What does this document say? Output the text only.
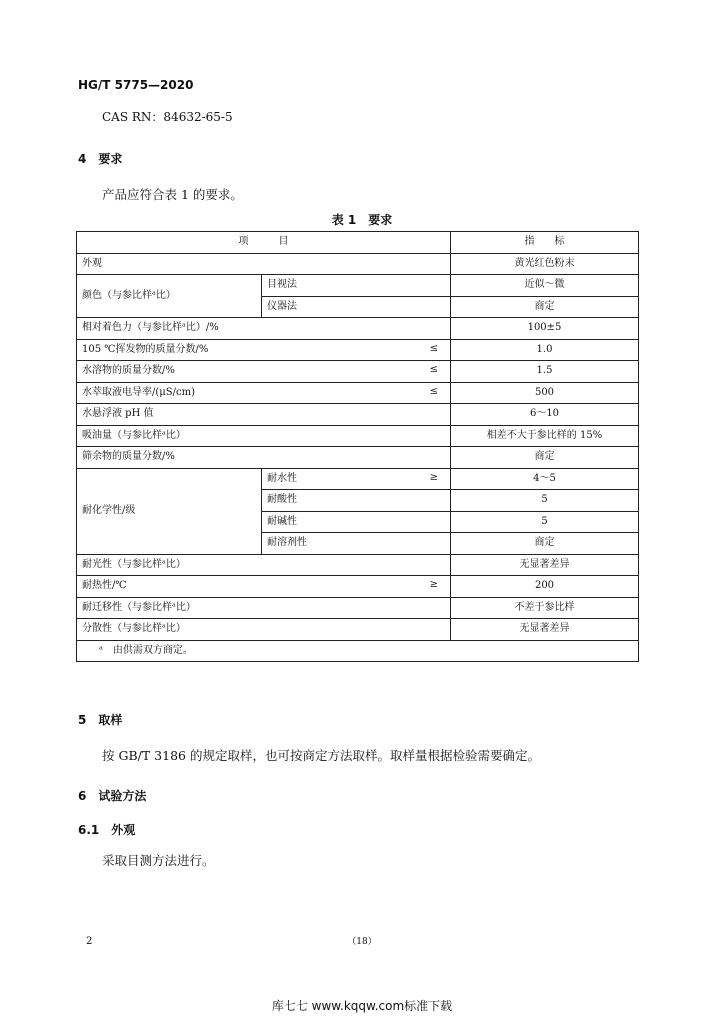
HG/T 5775—2020
CAS RN：84632-65-5
4　要求
产品应符合表 1 的要求。
表 1　要求
项　　　目		指　　标
外观		黄光红色粉末
颜色（与参比样ᵃ比）	目视法	近似～微
	仪器法	商定
相对着色力（与参比样ᵃ比）/%		100±5
105 ℃挥发物的质量分数/% ≤		1.0
水溶物的质量分数/% ≤		1.5
水萃取液电导率/(μS/cm) ≤		500
水悬浮液 pH 值		6～10
吸油量（与参比样ᵃ比）		相差不大于参比样的 15%
筛余物的质量分数/%		商定
耐化学性/级	耐水性 ≥	4～5
	耐酸性	5
	耐碱性	5
	耐溶剂性	商定
耐光性（与参比样ᵃ比）		无显著差异
耐热性/℃ ≥		200
耐迁移性（与参比样ᵃ比）		不差于参比样
分散性（与参比样ᵃ比）		无显著差异
ᵃ　由供需双方商定。		
5　取样
按 GB/T 3186 的规定取样，也可按商定方法取样。取样量根据检验需要确定。
6　试验方法
6.1　外观
采取目测方法进行。
2	（18）
库七七 www.kqqw.com标准下载
